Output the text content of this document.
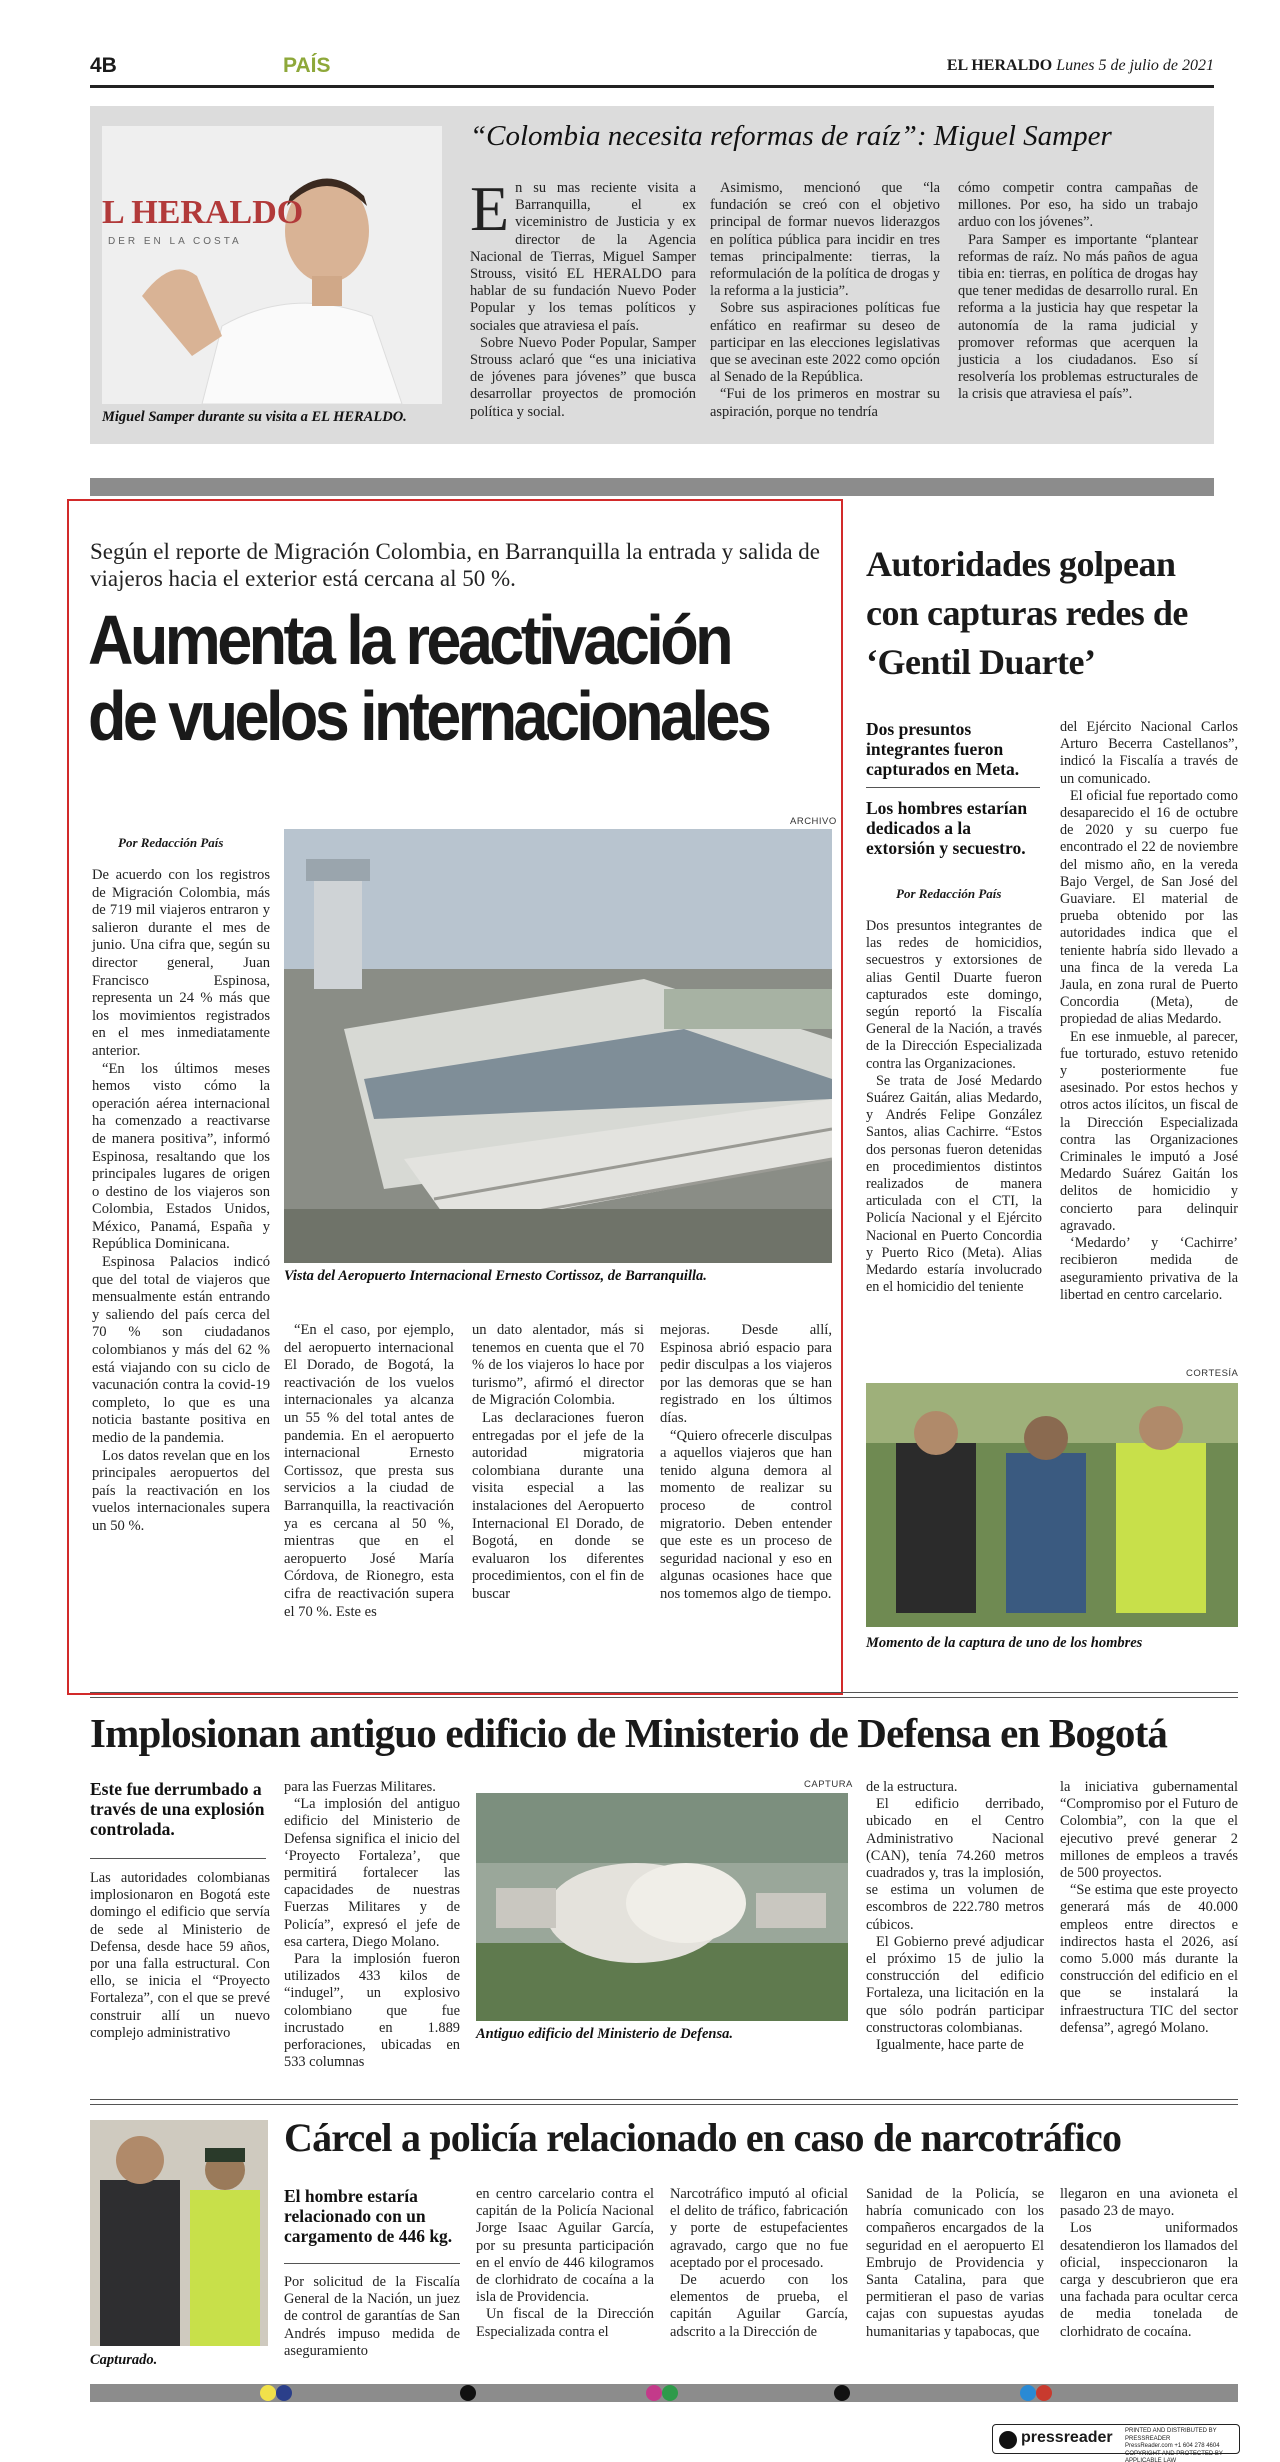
4B	PAÍS	EL HERALDO Lunes 5 de julio de 2021
L HERALDO
DER EN LA COSTA
Miguel Samper durante su visita a EL HERALDO.
“Colombia necesita reformas de raíz”: Miguel Samper
E n su mas reciente visita a Barranquilla, el ex viceministro de Justicia y ex director de la Agencia Nacional de Tierras, Miguel Samper Strouss, visitó EL HERALDO para hablar de su fundación Nuevo Poder Popular y los temas políticos y sociales que atraviesa el país.

Sobre Nuevo Poder Popular, Samper Strouss aclaró que “es una iniciativa de jóvenes para jóvenes” que busca desarrollar proyectos de promoción política y social.

Asimismo, mencionó que “la fundación se creó con el objetivo principal de formar nuevos liderazgos en política pública para incidir en tres temas principalmente: tierras, la reformulación de la política de drogas y la reforma a la justicia”.

Sobre sus aspiraciones políticas fue enfático en reafirmar su deseo de participar en las elecciones legislativas que se avecinan este 2022 como opción al Senado de la República.

“Fui de los primeros en mostrar su aspiración, porque no tendría

cómo competir contra campañas de millones. Por eso, ha sido un trabajo arduo con los jóvenes”.

Para Samper es importante “plantear reformas de raíz. No más paños de agua tibia en: tierras, en política de drogas hay que tener medidas de desarrollo rural. En reforma a la justicia hay que respetar la autonomía de la rama judicial y promover reformas que acerquen la justicia a los ciudadanos. Eso sí resolvería los problemas estructurales de la crisis que atraviesa el país”.

Según el reporte de Migración Colombia, en Barranquilla la entrada y salida de viajeros hacia el exterior está cercana al 50 %.
Aumenta la reactivación
de vuelos internacionales
ARCHIVO
Por Redacción País
Vista del Aeropuerto Internacional Ernesto Cortissoz, de Barranquilla.

De acuerdo con los registros de Migración Colombia, más de 719 mil viajeros entraron y salieron durante el mes de junio. Una cifra que, según su director general, Juan Francisco Espinosa, representa un 24 % más que los movimientos registrados en el mes inmediatamente anterior.

“En los últimos meses hemos visto cómo la operación aérea internacional ha comenzado a reactivarse de manera positiva”, informó Espinosa, resaltando que los principales lugares de origen o destino de los viajeros son Colombia, Estados Unidos, México, Panamá, España y República Dominicana.

Espinosa Palacios indicó que del total de viajeros que mensualmente están entrando y saliendo del país cerca del 70 % son ciudadanos colombianos y más del 62 % está viajando con su ciclo de vacunación contra la covid-19 completo, lo que es una noticia bastante positiva en medio de la pandemia.

Los datos revelan que en los principales aeropuertos del país la reactivación en los vuelos internacionales supera un 50 %.

“En el caso, por ejemplo, del aeropuerto internacional El Dorado, de Bogotá, la reactivación de los vuelos internacionales ya alcanza un 55 % del total antes de pandemia. En el aeropuerto internacional Ernesto Cortissoz, que presta sus servicios a la ciudad de Barranquilla, la reactivación ya es cercana al 50 %, mientras que en el aeropuerto José María Córdova, de Rionegro, esta cifra de reactivación supera el 70 %. Este es

un dato alentador, más si tenemos en cuenta que el 70 % de los viajeros lo hace por turismo”, afirmó el director de Migración Colombia.

Las declaraciones fueron entregadas por el jefe de la autoridad migratoria colombiana durante una visita especial a las instalaciones del Aeropuerto Internacional El Dorado, de Bogotá, en donde se evaluaron los diferentes procedimientos, con el fin de buscar

mejoras. Desde allí, Espinosa abrió espacio para pedir disculpas a los viajeros por las demoras que se han registrado en los últimos días.

“Quiero ofrecerle disculpas a aquellos viajeros que han tenido alguna demora al momento de realizar su proceso de control migratorio. Deben entender que este es un proceso de seguridad nacional y eso en algunas ocasiones hace que nos tomemos algo de tiempo.

Autoridades golpean con capturas redes de ‘Gentil Duarte’
Dos presuntos integrantes fueron capturados en Meta.
Los hombres estarían dedicados a la extorsión y secuestro.
Por Redacción País

Dos presuntos integrantes de las redes de homicidios, secuestros y extorsiones de alias Gentil Duarte fueron capturados este domingo, según reportó la Fiscalía General de la Nación, a través de la Dirección Especializada contra las Organizaciones.

Se trata de José Medardo Suárez Gaitán, alias Medardo, y Andrés Felipe González Santos, alias Cachirre. “Estos dos personas fueron detenidas en procedimientos distintos realizados de manera articulada con el CTI, la Policía Nacional y el Ejército Nacional en Puerto Concordia y Puerto Rico (Meta). Alias Medardo estaría involucrado en el homicidio del teniente

del Ejército Nacional Carlos Arturo Becerra Castellanos”, indicó la Fiscalía a través de un comunicado.

El oficial fue reportado como desaparecido el 16 de octubre de 2020 y su cuerpo fue encontrado el 22 de noviembre del mismo año, en la vereda Bajo Vergel, de San José del Guaviare. El material de prueba obtenido por las autoridades indica que el teniente habría sido llevado a una finca de la vereda La Jaula, en zona rural de Puerto Concordia (Meta), de propiedad de alias Medardo.

En ese inmueble, al parecer, fue torturado, estuvo retenido y posteriormente fue asesinado. Por estos hechos y otros actos ilícitos, un fiscal de la Dirección Especializada contra las Organizaciones Criminales le imputó a José Medardo Suárez Gaitán los delitos de homicidio y concierto para delinquir agravado.

‘Medardo’ y ‘Cachirre’ recibieron medida de aseguramiento privativa de la libertad en centro carcelario.

CORTESÍA
Momento de la captura de uno de los hombres
Implosionan antiguo edificio de Ministerio de Defensa en Bogotá
Este fue derrumbado a través de una explosión controlada.

Las autoridades colombianas implosionaron en Bogotá este domingo el edificio que servía de sede al Ministerio de Defensa, desde hace 59 años, por una falla estructural. Con ello, se inicia el “Proyecto Fortaleza”, con el que se prevé construir allí un nuevo complejo administrativo

para las Fuerzas Militares.

“La implosión del antiguo edificio del Ministerio de Defensa significa el inicio del ‘Proyecto Fortaleza’, que permitirá fortalecer las capacidades de nuestras Fuerzas Militares y de Policía”, expresó el jefe de esa cartera, Diego Molano.

Para la implosión fueron utilizados 433 kilos de “indugel”, un explosivo colombiano que fue incrustado en 1.889 perforaciones, ubicadas en 533 columnas

CAPTURA
Antiguo edificio del Ministerio de Defensa.

de la estructura.

El edificio derribado, ubicado en el Centro Administrativo Nacional (CAN), tenía 74.260 metros cuadrados y, tras la implosión, se estima un volumen de escombros de 222.780 metros cúbicos.

El Gobierno prevé adjudicar el próximo 15 de julio la construcción del edificio Fortaleza, una licitación en la que sólo podrán participar constructoras colombianas.

Igualmente, hace parte de

la iniciativa gubernamental “Compromiso por el Futuro de Colombia”, con la que el ejecutivo prevé generar 2 millones de empleos a través de 500 proyectos.

“Se estima que este proyecto generará más de 40.000 empleos entre directos e indirectos hasta el 2026, así como 5.000 más durante la construcción del edificio en el que se instalará la infraestructura TIC del sector defensa”, agregó Molano.

Capturado.
Cárcel a policía relacionado en caso de narcotráfico
El hombre estaría relacionado con un cargamento de 446 kg.

Por solicitud de la Fiscalía General de la Nación, un juez de control de garantías de San Andrés impuso medida de aseguramiento

en centro carcelario contra el capitán de la Policía Nacional Jorge Isaac Aguilar García, por su presunta participación en el envío de 446 kilogramos de clorhidrato de cocaína a la isla de Providencia.

Un fiscal de la Dirección Especializada contra el

Narcotráfico imputó al oficial el delito de tráfico, fabricación y porte de estupefacientes agravado, cargo que no fue aceptado por el procesado.

De acuerdo con los elementos de prueba, el capitán Aguilar García, adscrito a la Dirección de

Sanidad de la Policía, se habría comunicado con los compañeros encargados de la seguridad en el aeropuerto El Embrujo de Providencia y Santa Catalina, para que permitieran el paso de varias cajas con supuestas ayudas humanitarias y tapabocas, que

llegaron en una avioneta el pasado 23 de mayo.

Los uniformados desatendieron los llamados del oficial, inspeccionaron la carga y descubrieron que era una fachada para ocultar cerca de media tonelada de clorhidrato de cocaína.

pressreader PRINTED AND DISTRIBUTED BY PRESSREADER
PressReader.com +1 604 278 4604
COPYRIGHT AND PROTECTED BY APPLICABLE LAW
